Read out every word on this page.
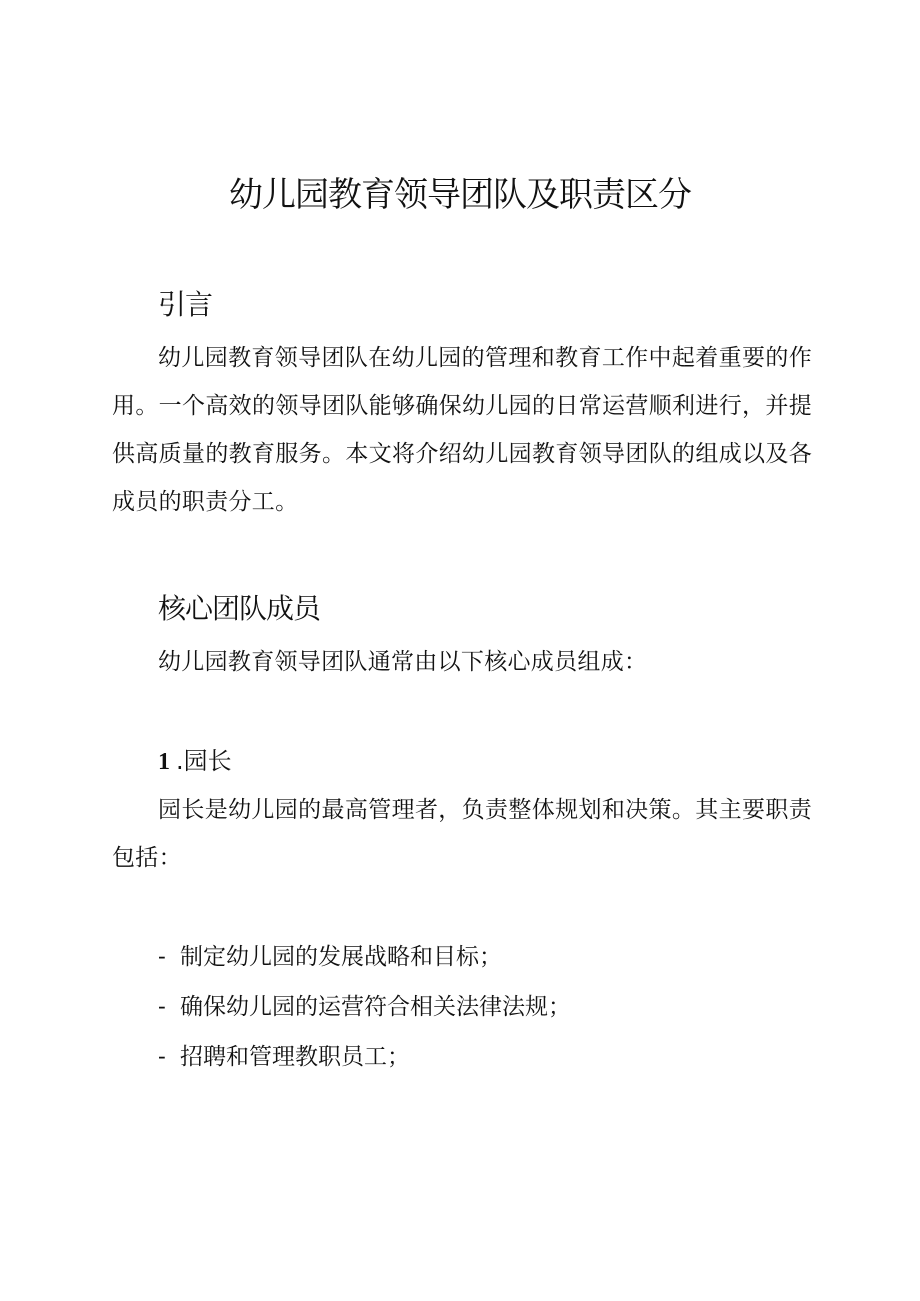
幼儿园教育领导团队及职责区分
引言

幼儿园教育领导团队在幼儿园的管理和教育工作中起着重要的作用。一个高效的领导团队能够确保幼儿园的日常运营顺利进行，并提供高质量的教育服务。本文将介绍幼儿园教育领导团队的组成以及各成员的职责分工。

核心团队成员

幼儿园教育领导团队通常由以下核心成员组成：

1 .园长

园长是幼儿园的最高管理者，负责整体规划和决策。其主要职责包括：

- 制定幼儿园的发展战略和目标；
- 确保幼儿园的运营符合相关法律法规；
- 招聘和管理教职员工；
